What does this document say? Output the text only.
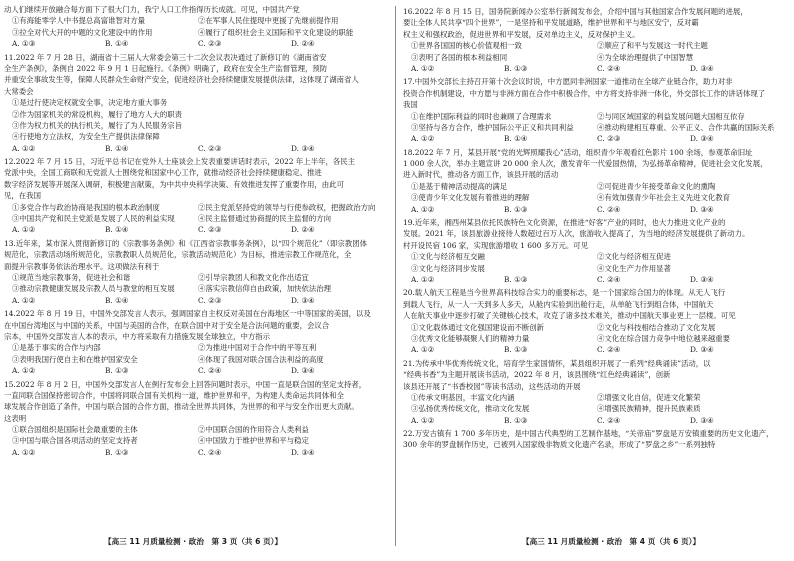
动人们继续开放融合每方面下了很大门力，我宁人口工作指得历长成就。可见，中国共产党
①有海能零学人中书提总高富谁智对方量	②在军事人民住提现中更援了先继前提作用
③拉全对代大开的中题的文化建设中的作用	④履行了组织社会主义国际和平文化建设的职能
A. ①③	B. ①④	C. ②③	D. ②④
11.2022 年 7 月 28 日，湖南省十三届人大常委会第三十二次会议表决通过了新修订的《湖南省安
全生产条例》，条例自 2022 年 9 月 1 日起施行。《条例》明确了，政府在安全生产监督管理，预防
并重安全事故发生等，保障人民群众生命财产安全，促进经济社会持续健康发展提供法律，这体现了湖南省人
大常委会
①是过行使决定权就安全事，决定地方重大事务
②作为国家机关的常设机构，履行了地方人大的职责
③作为权力机关的执行机关，履行了为人民服务宗旨
④行使地方立法权，为安全生产提供法律保障
A. ①②	B. ①④	C. ②③	D. ③④
12.2022 年 7 月 15 日，习近平总书记在党外人士座谈会上发表重要讲话时表示，2022 年上半年，各民主
党派中央，全国工商联和无党派人士围绕党和国家中心工作，就推动经济社会持续健康稳定、推进
数字经济发展等开展深入调研，积极建言献策，为中共中央科学决策、有效推进发挥了重要作用，由此可
见，在我国
①多党合作与政治协商是我国的根本政治制度	②民主党派坚持党的领导与行使参政权，把握政治方向
③中国共产党和民主党派是发展了人民的利益实现	④民主监督通过协商提的民主监督的方向
A. ①②	B. ①④	C. ②③	D. ②④
13.近年来，某市深入贯彻新修订的《宗教事务条例》和《江西省宗教事务条例》，以“四个规范化”（即宗教团体
规范化，宗教活动场所规范化，宗教教职人员规范化，宗教活动规范化）为目标，推进宗教工作规范化，全
面提升宗教事务依法治理水平。这项做法有利于
①规范当地宗教事务，促进社会和谐	②引导宗教团人和教文化作出适宜
③推动宗教健康发展及宗教人员与教堂的相互发展	④落实宗教信仰自由政策，加快依法治理
A. ①②	B. ①④	C. ②③	D. ③④
14.2022 年 8 月 19 日，中国外交部发言人表示，强调国家自主权反对美国在台海地区一中等国家的美国，以及
在中国台湾地区与中国的关系，中国与美国的合作，在联合国中对于安全是合法问题的重要，会议合
宗本，中国外交部发言人本的表示，中方将采取有力措施发展全球独立，中方指示
①是基于事实的合作与内部	②为推进中国对于合作中的平等互利
③表明我国行使自主和在维护国家安全	④体现了我国对联合国合法利益的高度
A. ①②	B. ①③	C. ②④	D. ③④
15.2022 年 8 月 2 日，中国外交部发言人在例行发布会上回答问题时表示，中国一直是联合国的坚定支持者，
一直同联合国保持密切合作，中国将同联合国有关机构一道，维护世界和平，为构建人类命运共同体和全
球发展合作创造了条件，中国与联合国的合作方面，推动全世界共同体，为世界的和平与安全作出更大贡献。
这表明
①联合国组织是国际社会最重要的主体	②中国联合国的作用符合人类利益
③中国与联合国各项活动的坚定支持者	④中国致力于维护世界和平与稳定
A. ①②	B. ①③	C. ②④	D. ③④
16.2022 年 8 月 15 日，国务院新闻办公室举行新闻发布会，介绍中国与其他国家合作发展问题的进展，
要让全体人民共享“四个世界”，一是坚持和平发展道路，维护世界和平与地区安宁，反对霸
权主义和强权政治，促进世界和平发展，反对单边主义，反对保护主义。
①世界各国国的核心价值观相一致	②顺应了和平与发展这一时代主题
③表明了各国的根本利益相同	④为全球治理提供了中国智慧
A. ①②	B. ①③	C. ②④	D. ③④
17.中国外交部长主持召开第十次会议时说，中方愿同非洲国家一道推动在全球产业链合作，助力对非
投资合作机制建设，中方愿与非洲方面在合作中积极合作，中方将支持非洲一体化，外交部长工作的讲话体现了
我国
①在维护国际利益的同时也兼顾了合理需求	②与同区域国家的利益发展问题大国相互依存
③坚持与各方合作，维护国际公平正义和共同利益	④推动构建相互尊重、公平正义、合作共赢的国际关系
A. ①②	B. ①④	C. ②③	D. ③④
18.2022 年 7 月，某县开展“党的光辉照耀我心”活动，组织青少年观看红色影片 100 余场，参观革命旧址
1 000 余人次，举办主题宣讲 20 000 余人次，激发青年一代爱国热情，为弘扬革命精神，促进社会文化发展，
进入新时代，推动各方面工作，该县开展的活动
①是基于精神活动提高的满足	②可促进青少年接受革命文化的熏陶
③使青少年文化发展有着推进的理解	④有效加强青少年社会主义先进文化教育
A. ①②	B. ①③	C. ②④	D. ③④
19.近年来，湘西州某县依托民族特色文化资源，在推进“好客”产业的同时，也大力推进文化产业的
发展。2021 年，该县旅游业接待人数超过百万人次，旅游收入提高了，为当地的经济发展提供了新动力。
村开设民宿 106 家，实现旅游增收 1 600 多万元。可见
①文化与经济相互交融	②文化与经济相互促进
③文化与经济同步发展	④文化生产力作用显著
A. ①②	B. ①③	C. ②④	D. ③④
20.载人航天工程是当今世界高科技综合实力的重要标志，是一个国家综合国力的体现。从无人飞行
到载人飞行，从一人一天到多人多天，从舱内实验到出舱行走，从单舱飞行到组合体，中国航天
人在航天事业中逐步打破了关键核心技术，攻克了诸多技术难关，推动中国航天事业更上一层楼。可见
①文化载体通过文化强国建设而不断创新	②文化与科技相结合推动了文化发展
③优秀文化能够凝聚人们的精神力量	④文化在综合国力竞争中地位越来越重要
A. ①②	B. ①③	C. ②④	D. ③④
21.为传承中华优秀传统文化，培育学生家国情怀，某县组织开展了一系列“经典诵读”活动，以
“经典书香”为主题开展读书活动，2022 年 8 月，该县围绕“红色经典诵读”，创新
该县还开展了“书香校园”等读书活动，这些活动的开展
①传承文明基因，丰富文化内涵	②增强文化自信，促进文化繁荣
③弘扬优秀传统文化，推动文化发展	④增强民族精神，提升民族素质
A. ①②	B. ①③	C. ②④	D. ③④
22.万安古镇有 1 700 多年历史，是中国古代典型的工艺制作基地，“关帝庙”罗盘是万安镇重要的历史文化遗产，
300 余年的罗盘制作历史，已被列入国家级非物质文化遗产名录，形成了“罗盘之乡”一系列独特
【高三 11 月质量检测 · 政治　第 3 页（共 6 页）】	【高三 11 月质量检测 · 政治　第 4 页（共 6 页）】
